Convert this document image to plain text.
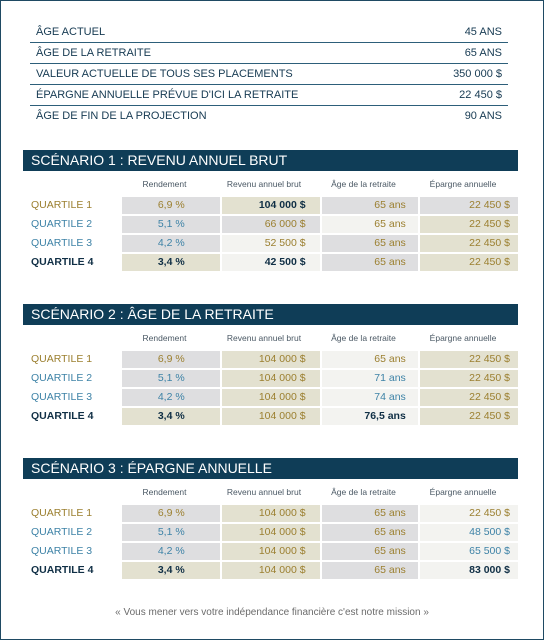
ÂGE ACTUEL	45 ANS
ÂGE DE LA RETRAITE	65 ANS
VALEUR ACTUELLE DE TOUS SES PLACEMENTS	350 000 $
ÉPARGNE ANNUELLE PRÉVUE D'ICI LA RETRAITE	22 450 $
ÂGE DE FIN DE LA PROJECTION	90 ANS
SCÉNARIO 1 : REVENU ANNUEL BRUT
Rendement	Revenu annuel brut	Âge de la retraite	Épargne annuelle
QUARTILE 1	6,9 %	104 000 $	65 ans	22 450 $
QUARTILE 2	5,1 %	66 000 $	65 ans	22 450 $
QUARTILE 3	4,2 %	52 500 $	65 ans	22 450 $
QUARTILE 4	3,4 %	42 500 $	65 ans	22 450 $
SCÉNARIO 2 : ÂGE DE LA RETRAITE
Rendement	Revenu annuel brut	Âge de la retraite	Épargne annuelle
QUARTILE 1	6,9 %	104 000 $	65 ans	22 450 $
QUARTILE 2	5,1 %	104 000 $	71 ans	22 450 $
QUARTILE 3	4,2 %	104 000 $	74 ans	22 450 $
QUARTILE 4	3,4 %	104 000 $	76,5 ans	22 450 $
SCÉNARIO 3 : ÉPARGNE ANNUELLE
Rendement	Revenu annuel brut	Âge de la retraite	Épargne annuelle
QUARTILE 1	6,9 %	104 000 $	65 ans	22 450 $
QUARTILE 2	5,1 %	104 000 $	65 ans	48 500 $
QUARTILE 3	4,2 %	104 000 $	65 ans	65 500 $
QUARTILE 4	3,4 %	104 000 $	65 ans	83 000 $
« Vous mener vers votre indépendance financière c'est notre mission »
